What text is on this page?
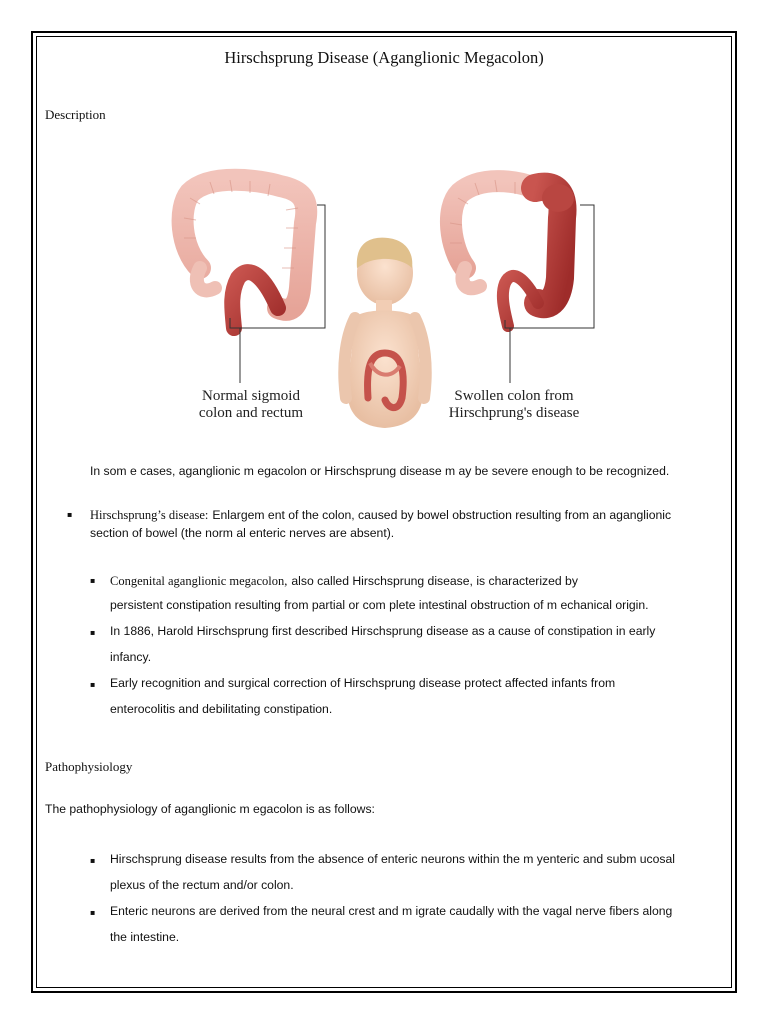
Hirschsprung Disease (Aganglionic Megacolon)
Description
Normal sigmoid
colon and rectum
Swollen colon from
Hirschprung's disease
In som e cases, aganglionic m egacolon or Hirschsprung disease m ay be severe enough to be recognized.
▪ Hirschsprung’s disease: Enlargem ent of the colon, caused by bowel obstruction resulting from an aganglionic
section of bowel (the norm al enteric nerves are absent).
▪ Congenital aganglionic megacolon, also called Hirschsprung disease, is characterized by
persistent constipation resulting from partial or com plete intestinal obstruction of m echanical origin.
▪ In 1886, Harold Hirschsprung first described Hirschsprung disease as a cause of constipation in early
infancy.
▪ Early recognition and surgical correction of Hirschsprung disease protect affected infants from
enterocolitis and debilitating constipation.
Pathophysiology
The pathophysiology of aganglionic m egacolon is as follows:
▪ Hirschsprung disease results from the absence of enteric neurons within the m yenteric and subm ucosal
plexus of the rectum and/or colon.
▪ Enteric neurons are derived from the neural crest and m igrate caudally with the vagal nerve fibers along
the intestine.
